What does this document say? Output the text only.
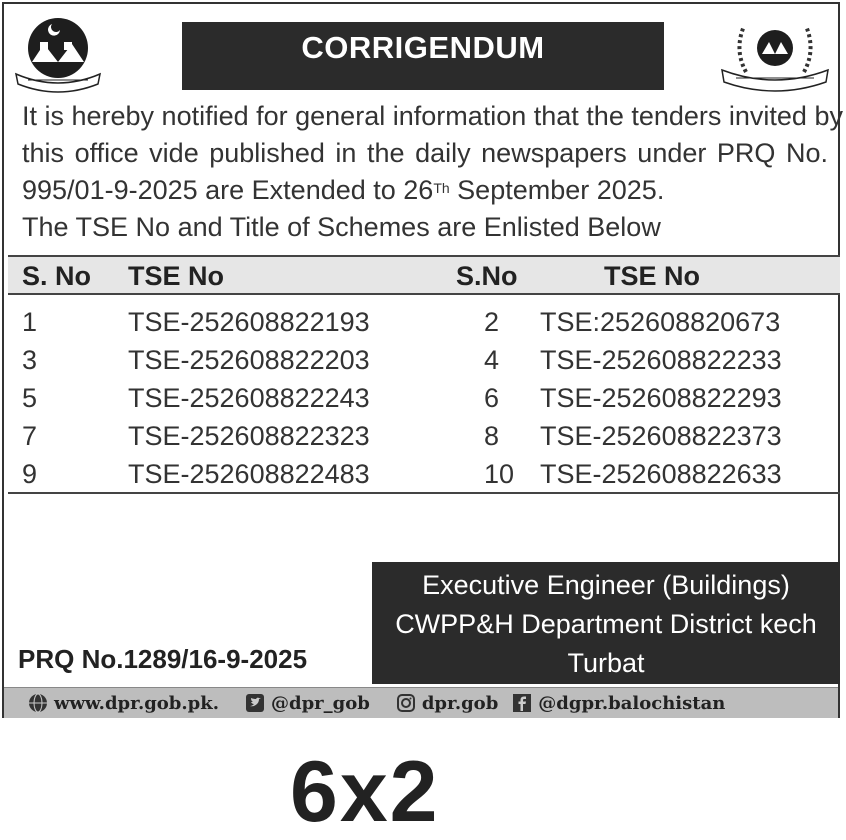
CORRIGENDUM
It is hereby notified for general information that the tenders invited by
this office vide published in the daily newspapers under PRQ No.
995/01-9-2025 are Extended to 26Th September 2025.
The TSE No and Title of Schemes are Enlisted Below
S. No TSE No	S.No	TSE No
1	TSE-252608822193	2 TSE:252608820673
3	TSE-252608822203	4 TSE-252608822233
5	TSE-252608822243	6 TSE-252608822293
7	TSE-252608822323	8 TSE-252608822373
9	TSE-252608822483	10 TSE-252608822633
Executive Engineer (Buildings)
CWPP&H Department District kech
Turbat
PRQ No.1289/16-9-2025
www.dpr.gob.pk.	@dpr_gob	dpr.gob @dgpr.balochistan
6x2
